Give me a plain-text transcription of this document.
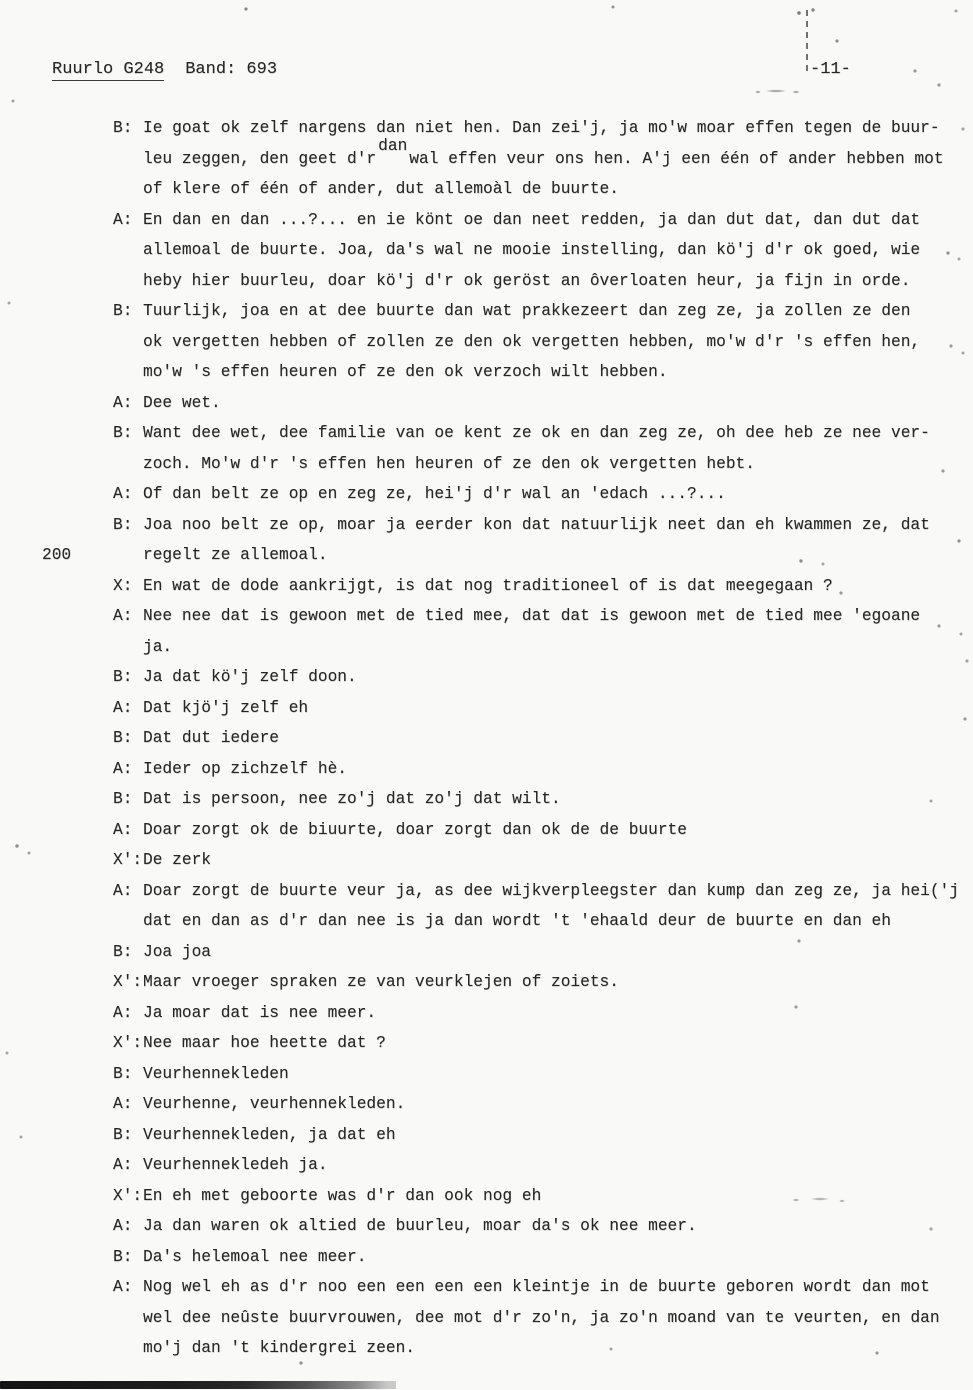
Ruurlo G248 Band: 693	-11-
B: Ie goat ok zelf nargens dan niet hen. Dan zei'j, ja mo'w moar effen tegen de buur-
leu zeggen, den geet d'rdanwal effen veur ons hen. A'j een één of ander hebben mot
of klere of één of ander, dut allemoàl de buurte.
A: En dan en dan ...?... en ie könt oe dan neet redden, ja dan dut dat, dan dut dat
allemoal de buurte. Joa, da's wal ne mooie instelling, dan kö'j d'r ok goed, wie
heby hier buurleu, doar kö'j d'r ok geröst an ôverloaten heur, ja fijn in orde.
B: Tuurlijk, joa en at dee buurte dan wat prakkezeert dan zeg ze, ja zollen ze den
ok vergetten hebben of zollen ze den ok vergetten hebben, mo'w d'r 's effen hen,
mo'w 's effen heuren of ze den ok verzoch wilt hebben.
A: Dee wet.
B: Want dee wet, dee familie van oe kent ze ok en dan zeg ze, oh dee heb ze nee ver-
zoch. Mo'w d'r 's effen hen heuren of ze den ok vergetten hebt.
A: Of dan belt ze op en zeg ze, hei'j d'r wal an 'edach ...?...
B: Joa noo belt ze op, moar ja eerder kon dat natuurlijk neet dan eh kwammen ze, dat
regelt ze allemoal.
200
X: En wat de dode aankrijgt, is dat nog traditioneel of is dat meegegaan ?
A: Nee nee dat is gewoon met de tied mee, dat dat is gewoon met de tied mee 'egoane
ja.
B: Ja dat kö'j zelf doon.
A: Dat kjö'j zelf eh
B: Dat dut iedere
A: Ieder op zichzelf hè.
B: Dat is persoon, nee zo'j dat zo'j dat wilt.
A: Doar zorgt ok de biuurte, doar zorgt dan ok de de buurte
X': De zerk
A: Doar zorgt de buurte veur ja, as dee wijkverpleegster dan kump dan zeg ze, ja hei('j
dat en dan as d'r dan nee is ja dan wordt 't 'ehaald deur de buurte en dan eh
B: Joa joa
X': Maar vroeger spraken ze van veurklejen of zoiets.
A: Ja moar dat is nee meer.
X': Nee maar hoe heette dat ?
B: Veurhennekleden
A: Veurhenne, veurhennekleden.
B: Veurhennekleden, ja dat eh
A: Veurhennekledeh ja.
X': En eh met geboorte was d'r dan ook nog eh
A: Ja dan waren ok altied de buurleu, moar da's ok nee meer.
B: Da's helemoal nee meer.
A: Nog wel eh as d'r noo een een een een kleintje in de buurte geboren wordt dan mot
wel dee neûste buurvrouwen, dee mot d'r zo'n, ja zo'n moand van te veurten, en dan
mo'j dan 't kindergrei zeen.
